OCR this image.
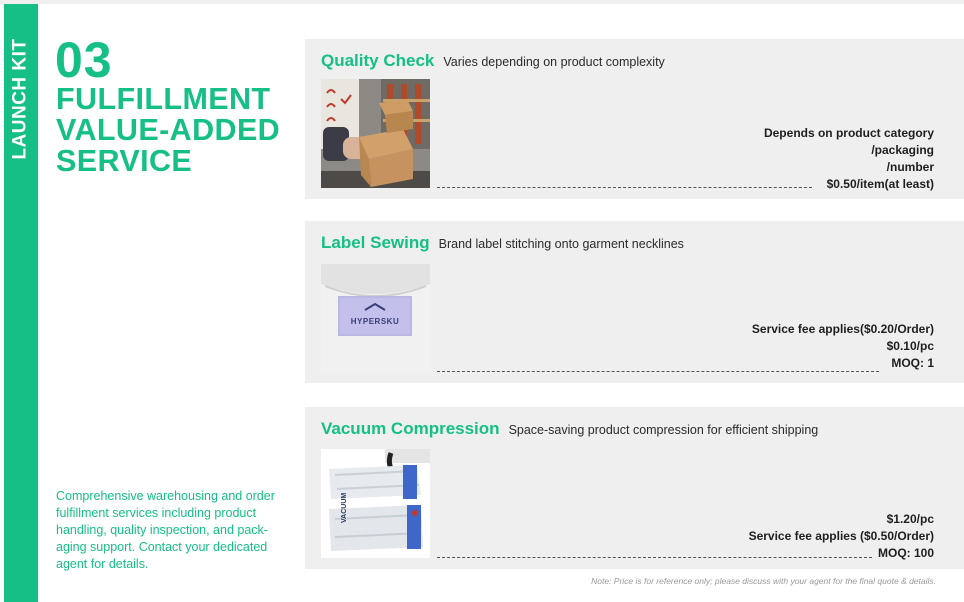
LAUNCH KIT 03
FULFILLMENT
VALUE-ADDED
SERVICE
Comprehensive warehousing and order
fulfillment services including product
handling, quality inspection, and pack-
aging support. Contact your dedicated
agent for details.
Quality Check Varies depending on product complexity
Depends on product category
/packaging
/number
$0.50/item(at least)
Label Sewing Brand label stitching onto garment necklines
HYPERSKU
Service fee applies($0.20/Order)
$0.10/pc
MOQ: 1
Vacuum Compression Space-saving product compression for efficient shipping
VACUUM	$1.20/pc
Service fee applies ($0.50/Order)
MOQ: 100
Note: Price is for reference only; please discuss with your agent for the final quote & details.
